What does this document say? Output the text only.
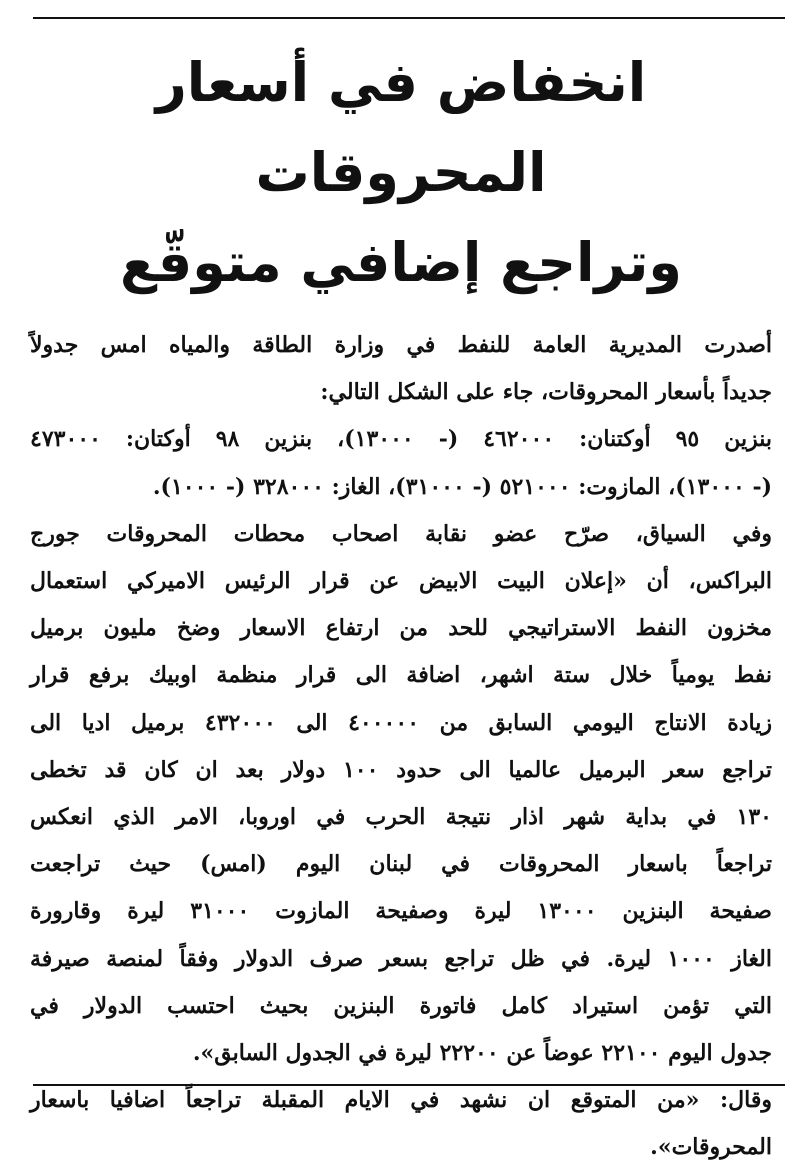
انخفاض في أسعار المحروقات
وتراجع إضافي متوقّع

أصدرت المديرية العامة للنفط في وزارة الطاقة والمياه امس جدولاً
جديداً بأسعار المحروقات، جاء على الشكل التالي:

بنزين ٩٥ أوكتنان: ٤٦٢٠٠٠ (- ١٣٠٠٠)، بنزين ٩٨ أوكتان: ٤٧٣٠٠٠
(- ١٣٠٠٠)، المازوت: ٥٢١٠٠٠ (- ٣١٠٠٠)، الغاز: ٣٢٨٠٠٠ (- ١٠٠٠).

وفي السياق، صرّح عضو نقابة اصحاب محطات المحروقات جورج
البراكس، أن «إعلان البيت الابيض عن قرار الرئيس الاميركي استعمال
مخزون النفط الاستراتيجي للحد من ارتفاع الاسعار وضخ مليون برميل
نفط يومياً خلال ستة اشهر، اضافة الى قرار منظمة اوبيك برفع قرار
زيادة الانتاج اليومي السابق من ٤٠٠٠٠٠ الى ٤٣٢٠٠٠ برميل اديا الى
تراجع سعر البرميل عالميا الى حدود ١٠٠ دولار بعد ان كان قد تخطى
١٣٠ في بداية شهر اذار نتيجة الحرب في اوروبا، الامر الذي انعكس
تراجعاً باسعار المحروقات في لبنان اليوم (امس) حيث تراجعت
صفيحة البنزين ١٣٠٠٠ ليرة وصفيحة المازوت ٣١٠٠٠ ليرة وقارورة
الغاز ١٠٠٠ ليرة. في ظل تراجع بسعر صرف الدولار وفقاً لمنصة صيرفة
التي تؤمن استيراد كامل فاتورة البنزين بحيث احتسب الدولار في
جدول اليوم ٢٢١٠٠ عوضاً عن ٢٢٢٠٠ ليرة في الجدول السابق».

وقال: «من المتوقع ان نشهد في الايام المقبلة تراجعاً اضافيا باسعار
المحروقات».
